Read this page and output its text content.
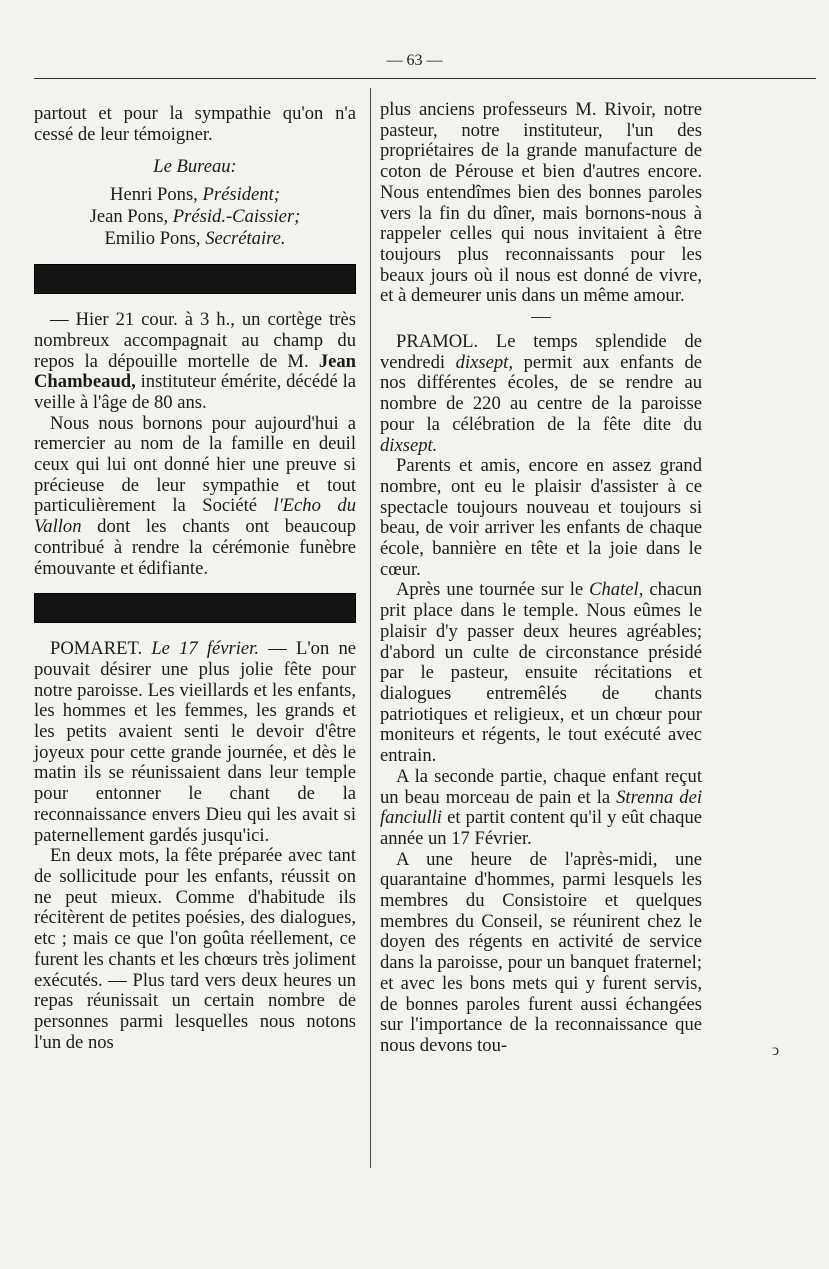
— 63 —

partout et pour la sympathie qu'on n'a cessé de leur témoigner.

Le Bureau:

Henri Pons, Président;
Jean Pons, Présid.-Caissier;
Emilio Pons, Secrétaire.

— Hier 21 cour. à 3 h., un cortège très nombreux accompagnait au champ du repos la dépouille mortelle de M. Jean Chambeaud, instituteur émérite, décédé la veille à l'âge de 80 ans.

Nous nous bornons pour aujourd'hui a remercier au nom de la famille en deuil ceux qui lui ont donné hier une preuve si précieuse de leur sympathie et tout particulièrement la Société l'Echo du Vallon dont les chants ont beaucoup contribué à rendre la cérémonie funèbre émouvante et édifiante.

POMARET. Le 17 février. — L'on ne pouvait désirer une plus jolie fête pour notre paroisse. Les vieillards et les enfants, les hommes et les femmes, les grands et les petits avaient senti le devoir d'être joyeux pour cette grande journée, et dès le matin ils se réunissaient dans leur temple pour entonner le chant de la reconnaissance envers Dieu qui les avait si paternellement gardés jusqu'ici.

En deux mots, la fête préparée avec tant de sollicitude pour les enfants, réussit on ne peut mieux. Comme d'habitude ils récitèrent de petites poésies, des dialogues, etc ; mais ce que l'on goûta réellement, ce furent les chants et les chœurs très joliment exécutés. — Plus tard vers deux heures un repas réunissait un certain nombre de personnes parmi lesquelles nous notons l'un de nos

plus anciens professeurs M. Rivoir, notre pasteur, notre instituteur, l'un des propriétaires de la grande manufacture de coton de Pérouse et bien d'autres encore. Nous entendîmes bien des bonnes paroles vers la fin du dîner, mais bornons-nous à rappeler celles qui nous invitaient à être toujours plus reconnaissants pour les beaux jours où il nous est donné de vivre, et à demeurer unis dans un même amour.

PRAMOL. Le temps splendide de vendredi dixsept, permit aux enfants de nos différentes écoles, de se rendre au nombre de 220 au centre de la paroisse pour la célébration de la fête dite du dixsept.

Parents et amis, encore en assez grand nombre, ont eu le plaisir d'assister à ce spectacle toujours nouveau et toujours si beau, de voir arriver les enfants de chaque école, bannière en tête et la joie dans le cœur.

Après une tournée sur le Chatel, chacun prit place dans le temple. Nous eûmes le plaisir d'y passer deux heures agréables; d'abord un culte de circonstance présidé par le pasteur, ensuite récitations et dialogues entremêlés de chants patriotiques et religieux, et un chœur pour moniteurs et régents, le tout exécuté avec entrain.

A la seconde partie, chaque enfant reçut un beau morceau de pain et la Strenna dei fanciulli et partit content qu'il y eût chaque année un 17 Février.

A une heure de l'après-midi, une quarantaine d'hommes, parmi lesquels les membres du Consistoire et quelques membres du Conseil, se réunirent chez le doyen des régents en activité de service dans la paroisse, pour un banquet fraternel; et avec les bons mets qui y furent servis, de bonnes paroles furent aussi échangées sur l'importance de la reconnaissance que nous devons tou-	ↄ
